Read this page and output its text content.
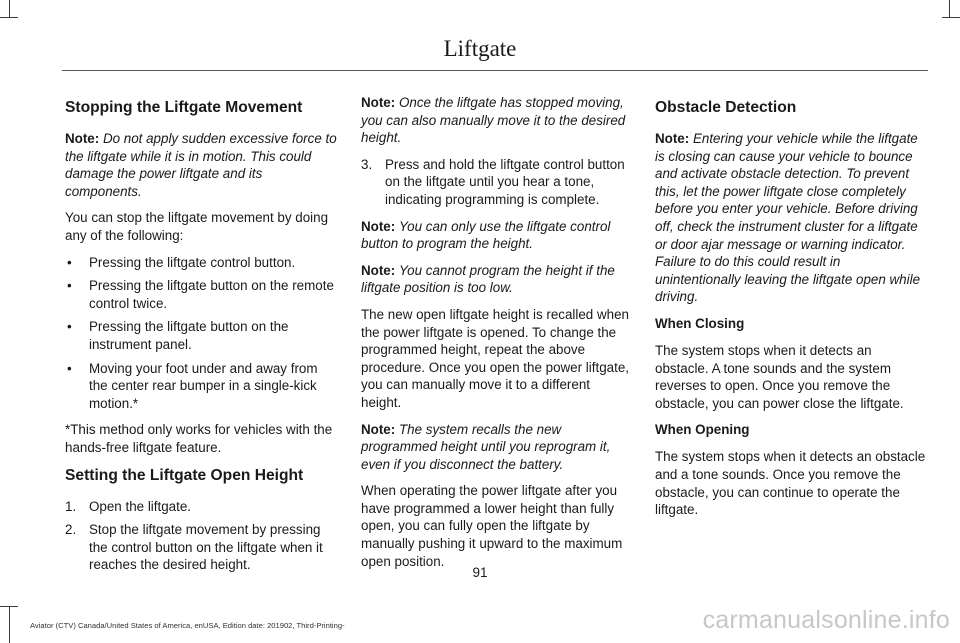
Liftgate
Stopping the Liftgate Movement

Note: Do not apply sudden excessive force to the liftgate while it is in motion. This could damage the power liftgate and its components.

You can stop the liftgate movement by doing any of the following:

• Pressing the liftgate control button.
• Pressing the liftgate button on the remote control twice.
• Pressing the liftgate button on the instrument panel.
• Moving your foot under and away from the center rear bumper in a single-kick motion.*

*This method only works for vehicles with the hands-free liftgate feature.

Setting the Liftgate Open Height
1. Open the liftgate.
2. Stop the liftgate movement by pressing the control button on the liftgate when it reaches the desired height.

Note: Once the liftgate has stopped moving, you can also manually move it to the desired height.

3. Press and hold the liftgate control button on the liftgate until you hear a tone, indicating programming is complete.

Note: You can only use the liftgate control button to program the height.

Note: You cannot program the height if the liftgate position is too low.

The new open liftgate height is recalled when the power liftgate is opened. To change the programmed height, repeat the above procedure. Once you open the power liftgate, you can manually move it to a different height.

Note: The system recalls the new programmed height until you reprogram it, even if you disconnect the battery.

When operating the power liftgate after you have programmed a lower height than fully open, you can fully open the liftgate by manually pushing it upward to the maximum open position.

Obstacle Detection

Note: Entering your vehicle while the liftgate is closing can cause your vehicle to bounce and activate obstacle detection. To prevent this, let the power liftgate close completely before you enter your vehicle. Before driving off, check the instrument cluster for a liftgate or door ajar message or warning indicator. Failure to do this could result in unintentionally leaving the liftgate open while driving.

When Closing

The system stops when it detects an obstacle. A tone sounds and the system reverses to open. Once you remove the obstacle, you can power close the liftgate.

When Opening

The system stops when it detects an obstacle and a tone sounds. Once you remove the obstacle, you can continue to operate the liftgate.

91
Aviator (CTV) Canada/United States of America, enUSA, Edition date: 201902, Third-Printing-	carmanualsonline.info
